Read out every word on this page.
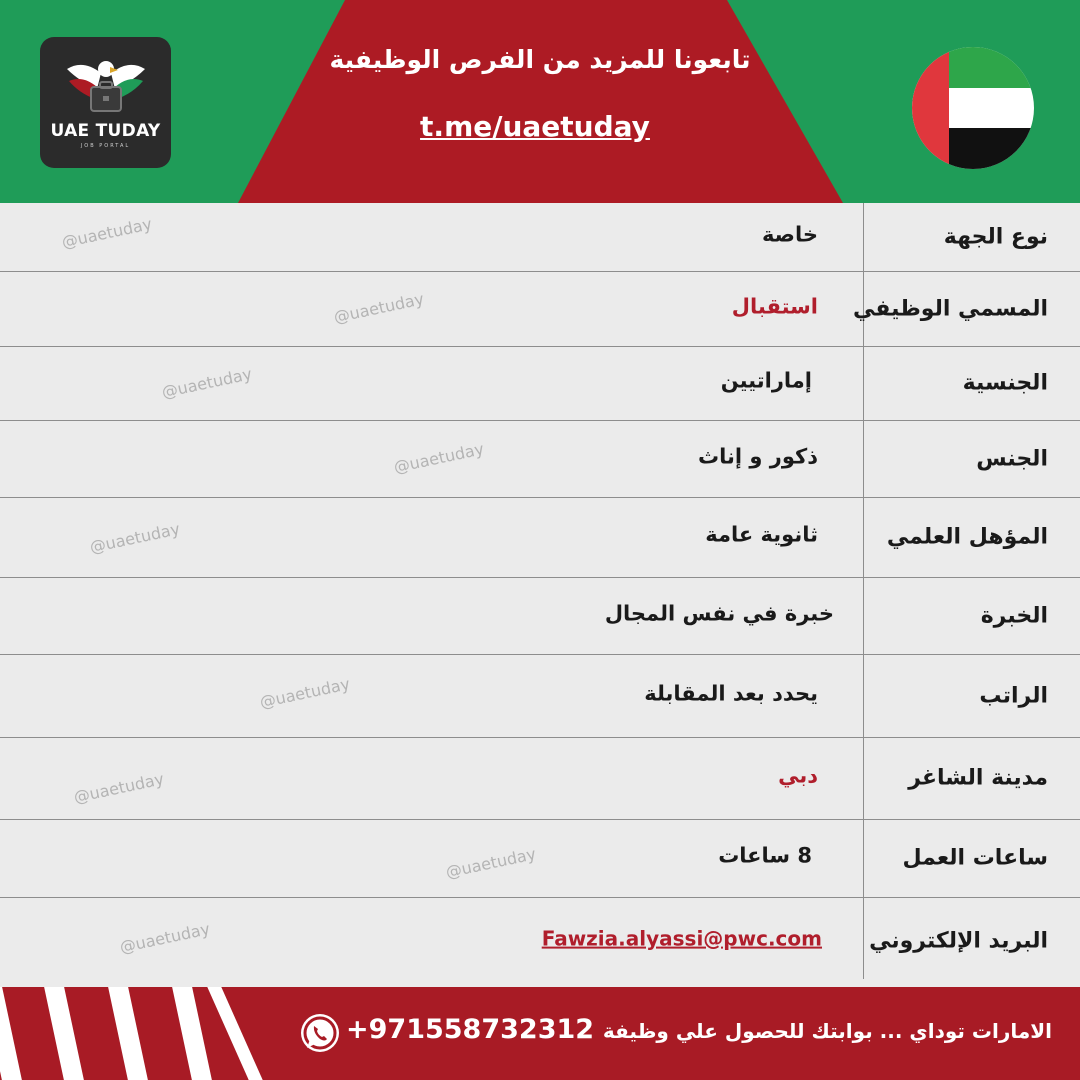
UAE TUDAY
JOB PORTAL
تابعونا للمزيد من الفرص الوظيفية
t.me/uaetuday
@uaetuday
@uaetuday
@uaetuday
@uaetuday
@uaetuday
@uaetuday
@uaetuday
@uaetuday
@uaetuday
نوع الجهة
خاصة
المسمي الوظيفي
استقبال
الجنسية
إماراتيين
الجنس
ذكور و إناث
المؤهل العلمي
ثانوية عامة
الخبرة
خبرة في نفس المجال
الراتب
يحدد بعد المقابلة
مدينة الشاغر
دبي
ساعات العمل
8 ساعات
البريد الإلكتروني
Fawzia.alyassi@pwc.com
+971558732312 الامارات توداي ... بوابتك للحصول علي وظيفة
